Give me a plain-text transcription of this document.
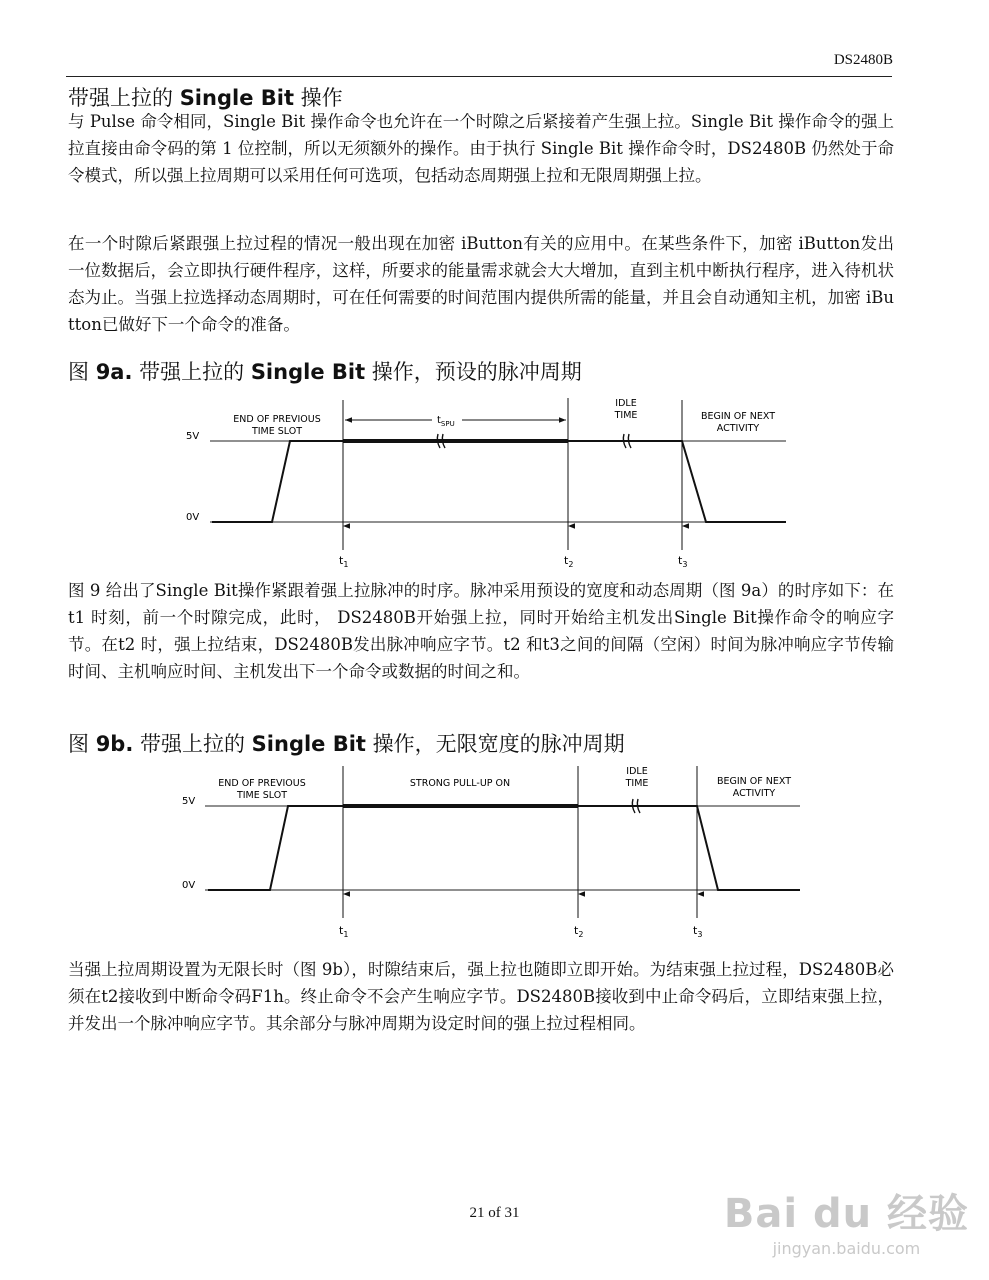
DS2480B
带强上拉的 Single Bit 操作

与 Pulse 命令相同，Single Bit 操作命令也允许在一个时隙之后紧接着产生强上拉。Single Bit 操作命令的强上拉直接由命令码的第 1 位控制，所以无须额外的操作。由于执行 Single Bit 操作命令时，DS2480B 仍然处于命令模式，所以强上拉周期可以采用任何可选项，包括动态周期强上拉和无限周期强上拉。

在一个时隙后紧跟强上拉过程的情况一般出现在加密 iButton有关的应用中。在某些条件下，加密 iButton发出一位数据后，会立即执行硬件程序，这样，所要求的能量需求就会大大增加，直到主机中断执行程序，进入待机状态为止。当强上拉选择动态周期时，可在任何需要的时间范围内提供所需的能量，并且会自动通知主机，加密 iButton已做好下一个命令的准备。

图 9a. 带强上拉的 Single Bit 操作，预设的脉冲周期
5V
0V
END OF PREVIOUS
TIME SLOT
$t_{SPU}$
IDLE
TIME	BEGIN OF NEXT
ACTIVITY
$t_1$	$t_2$	$t_3$

图 9 给出了Single Bit操作紧跟着强上拉脉冲的时序。脉冲采用预设的宽度和动态周期（图 9a）的时序如下：在t1 时刻，前一个时隙完成，此时， DS2480B开始强上拉，同时开始给主机发出Single Bit操作命令的响应字节。在t2 时，强上拉结束，DS2480B发出脉冲响应字节。t2 和t3之间的间隔（空闲）时间为脉冲响应字节传输时间、主机响应时间、主机发出下一个命令或数据的时间之和。

图 9b. 带强上拉的 Single Bit 操作，无限宽度的脉冲周期
5V
0V
END OF PREVIOUS
TIME SLOT
STRONG PULL-UP ON
IDLE
TIME	BEGIN OF NEXT
ACTIVITY
$t_1$	$t_2$	$t_3$

当强上拉周期设置为无限长时（图 9b），时隙结束后，强上拉也随即立即开始。为结束强上拉过程，DS2480B必须在t2接收到中断命令码F1h。终止命令不会产生响应字节。DS2480B接收到中止命令码后，立即结束强上拉，并发出一个脉冲响应字节。其余部分与脉冲周期为设定时间的强上拉过程相同。

21 of 31	Bai du 经验
jingyan.baidu.com
